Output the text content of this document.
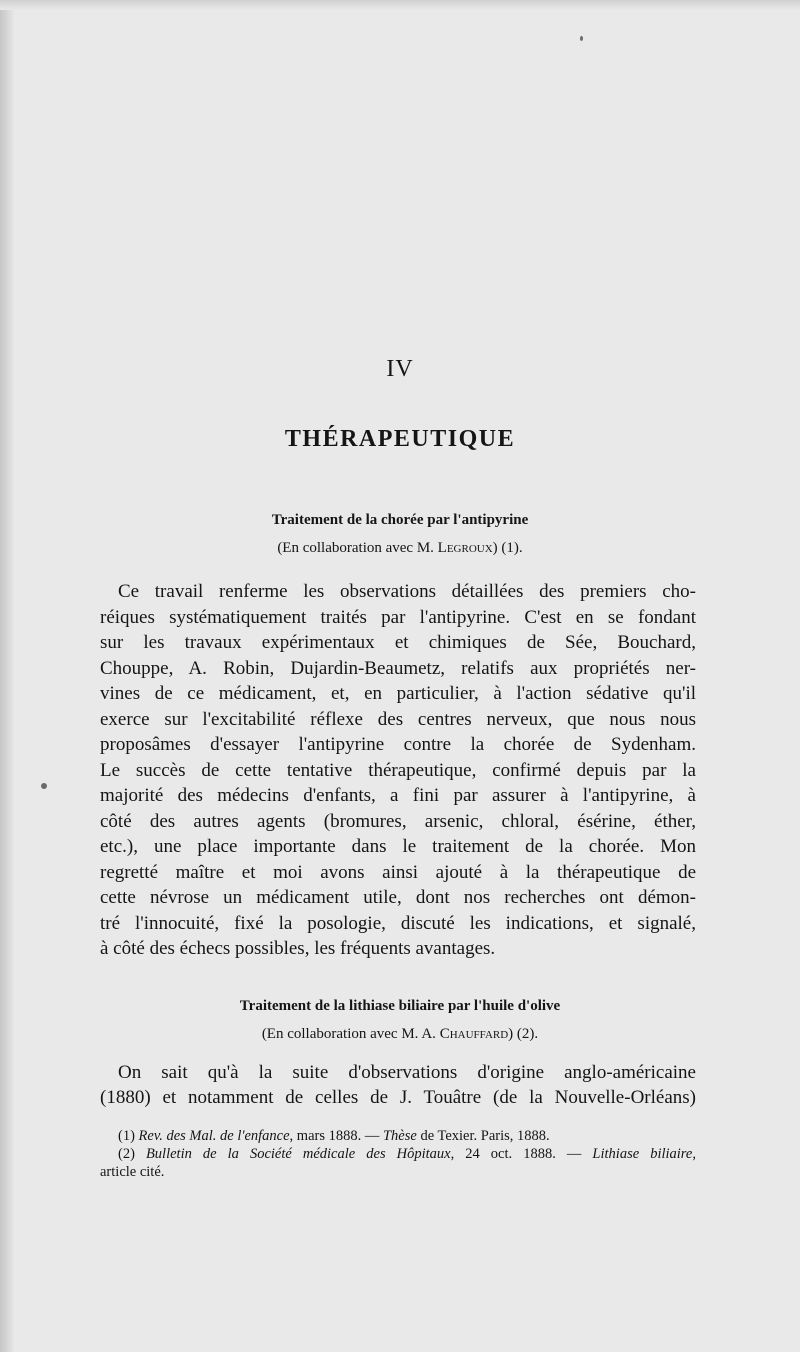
IV
THÉRAPEUTIQUE
Traitement de la chorée par l'antipyrine
(En collaboration avec M. Legroux) (1).
Ce travail renferme les observations détaillées des premiers cho-
réiques systématiquement traités par l'antipyrine. C'est en se fondant
sur les travaux expérimentaux et chimiques de Sée, Bouchard,
Chouppe, A. Robin, Dujardin-Beaumetz, relatifs aux propriétés ner-
vines de ce médicament, et, en particulier, à l'action sédative qu'il
exerce sur l'excitabilité réflexe des centres nerveux, que nous nous
proposâmes d'essayer l'antipyrine contre la chorée de Sydenham.
Le succès de cette tentative thérapeutique, confirmé depuis par la
majorité des médecins d'enfants, a fini par assurer à l'antipyrine, à
côté des autres agents (bromures, arsenic, chloral, ésérine, éther,
etc.), une place importante dans le traitement de la chorée. Mon
regretté maître et moi avons ainsi ajouté à la thérapeutique de
cette névrose un médicament utile, dont nos recherches ont démon-
tré l'innocuité, fixé la posologie, discuté les indications, et signalé,
à côté des échecs possibles, les fréquents avantages.
Traitement de la lithiase biliaire par l'huile d'olive
(En collaboration avec M. A. Chauffard) (2).
On sait qu'à la suite d'observations d'origine anglo-américaine
(1880) et notamment de celles de J. Touâtre (de la Nouvelle-Orléans)
(1) Rev. des Mal. de l'enfance, mars 1888. — Thèse de Texier. Paris, 1888.
(2) Bulletin de la Société médicale des Hôpitaux, 24 oct. 1888. — Lithiase biliaire,
article cité.
